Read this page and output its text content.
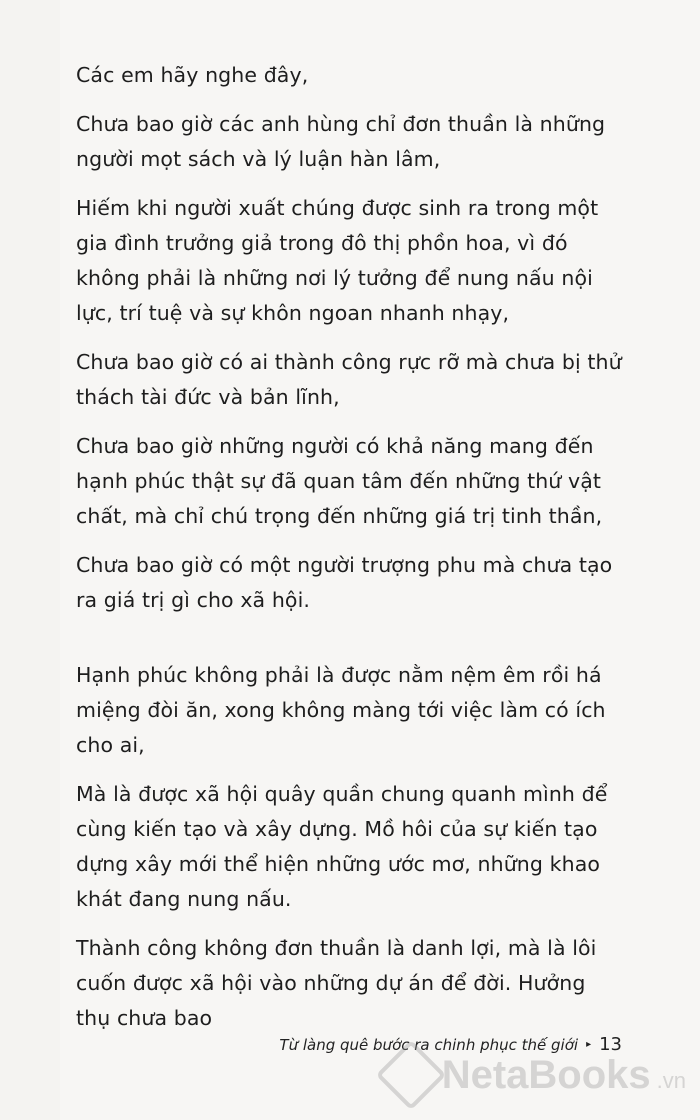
Các em hãy nghe đây,

Chưa bao giờ các anh hùng chỉ đơn thuần là những người mọt sách và lý luận hàn lâm,

Hiếm khi người xuất chúng được sinh ra trong một gia đình trưởng giả trong đô thị phồn hoa, vì đó không phải là những nơi lý tưởng để nung nấu nội lực, trí tuệ và sự khôn ngoan nhanh nhạy,

Chưa bao giờ có ai thành công rực rỡ mà chưa bị thử thách tài đức và bản lĩnh,

Chưa bao giờ những người có khả năng mang đến hạnh phúc thật sự đã quan tâm đến những thứ vật chất, mà chỉ chú trọng đến những giá trị tinh thần,

Chưa bao giờ có một người trượng phu mà chưa tạo ra giá trị gì cho xã hội.

Hạnh phúc không phải là được nằm nệm êm rồi há miệng đòi ăn, xong không màng tới việc làm có ích cho ai,

Mà là được xã hội quây quần chung quanh mình để cùng kiến tạo và xây dựng. Mồ hôi của sự kiến tạo dựng xây mới thể hiện những ước mơ, những khao khát đang nung nấu.

Thành công không đơn thuần là danh lợi, mà là lôi cuốn được xã hội vào những dự án để đời. Hưởng thụ chưa bao

Từ làng quê bước ra chinh phục thế giới ▸ 13
NetaBooks .vn
